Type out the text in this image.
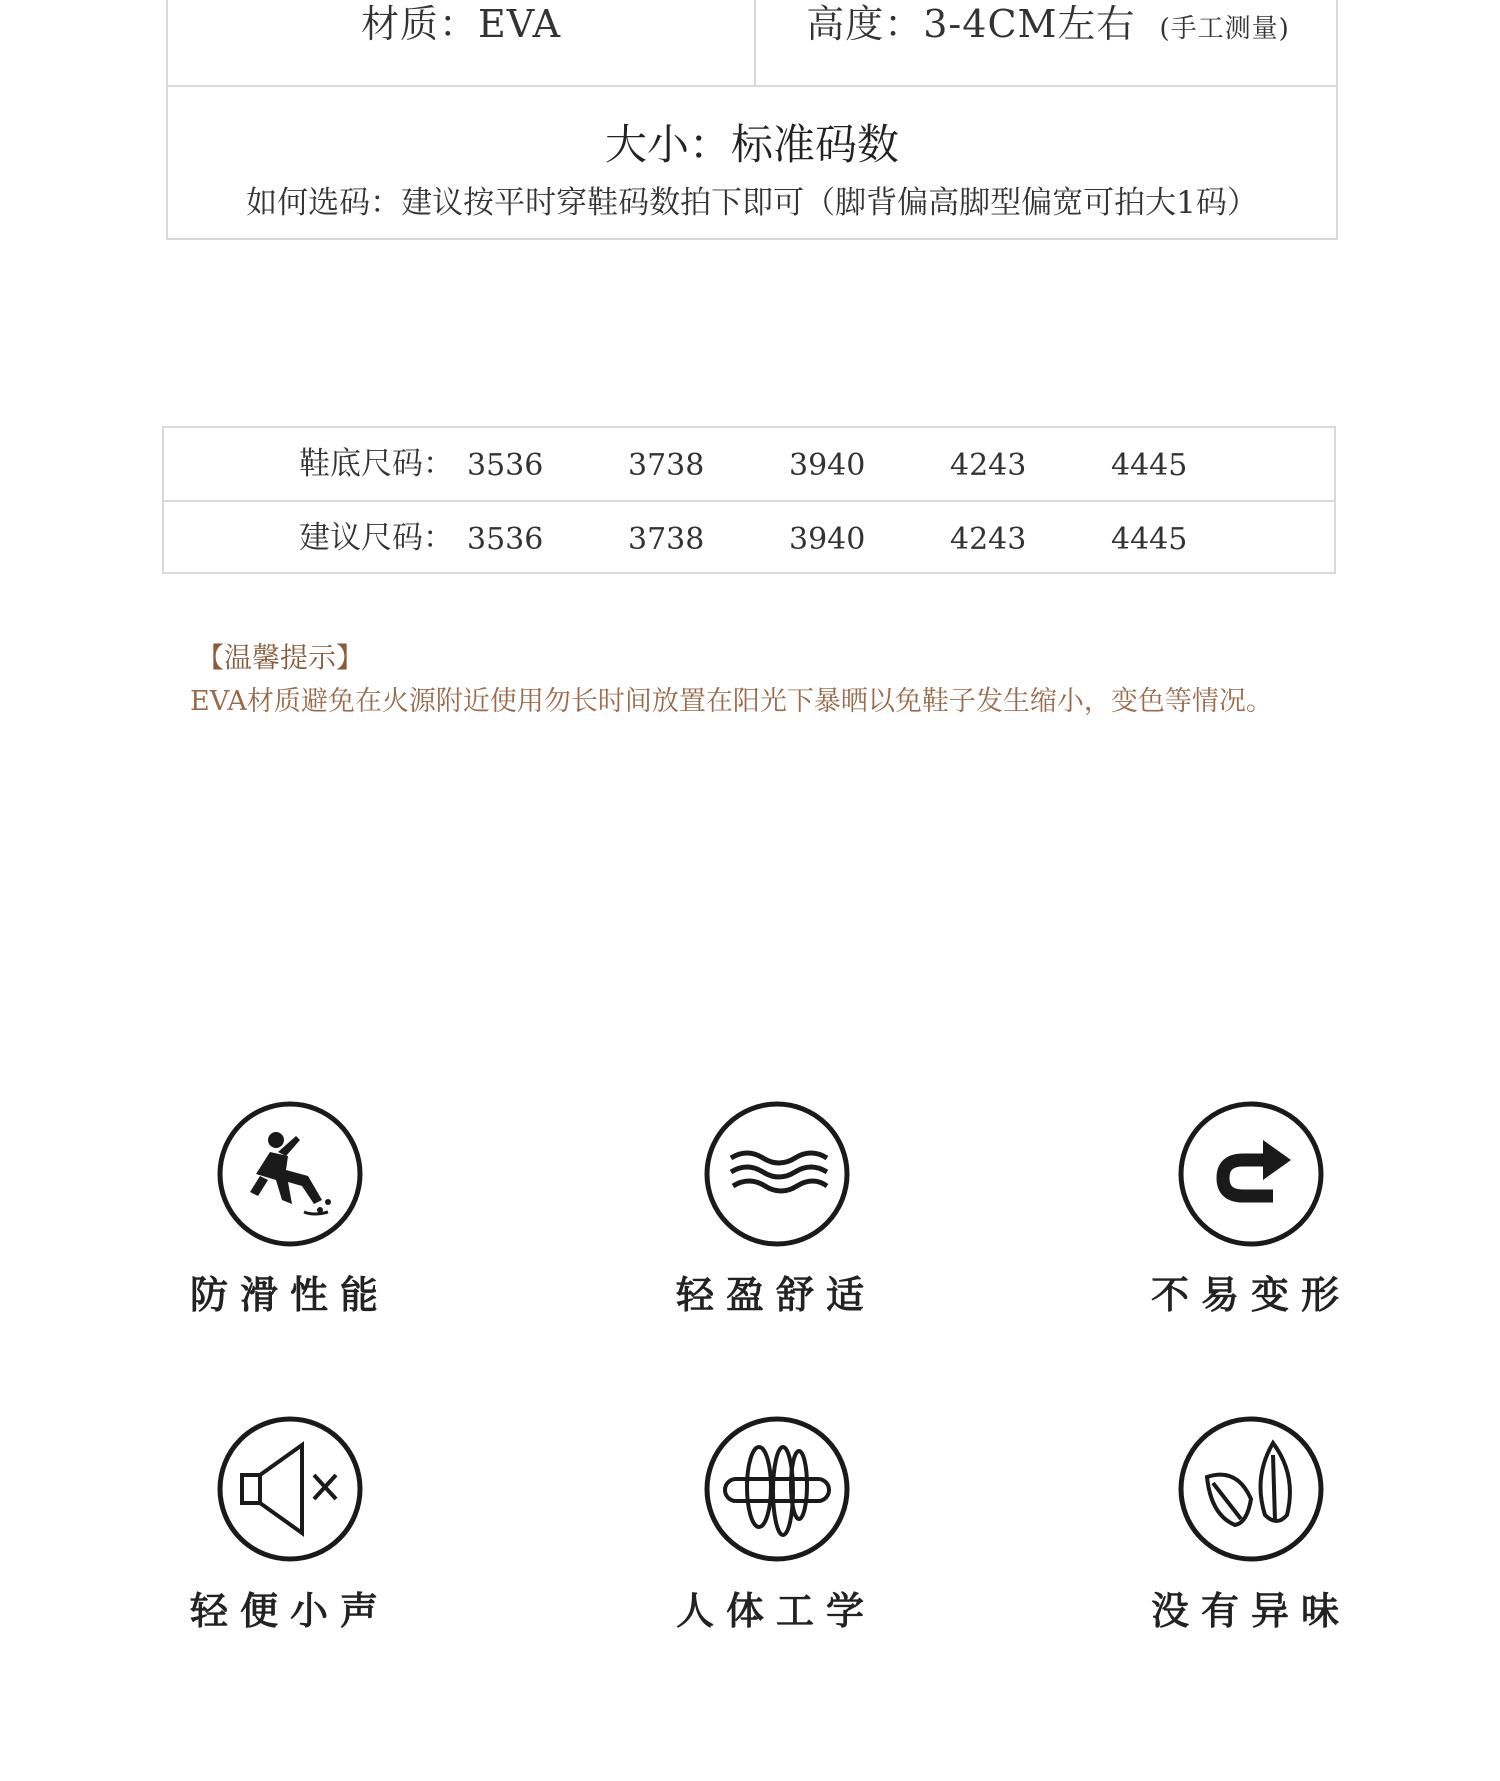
材质：EVA	高度：3-4CM左右 (手工测量)
大小：标准码数
如何选码：建议按平时穿鞋码数拍下即可（脚背偏高脚型偏宽可拍大1码）
鞋底尺码： 3536	3738	3940	4243	4445
建议尺码： 3536	3738	3940	4243	4445
【温馨提示】
EVA材质避免在火源附近使用勿长时间放置在阳光下暴晒以免鞋子发生缩小，变色等情况。
防滑性能	轻盈舒适	不易变形
轻便小声	人体工学	没有异味
